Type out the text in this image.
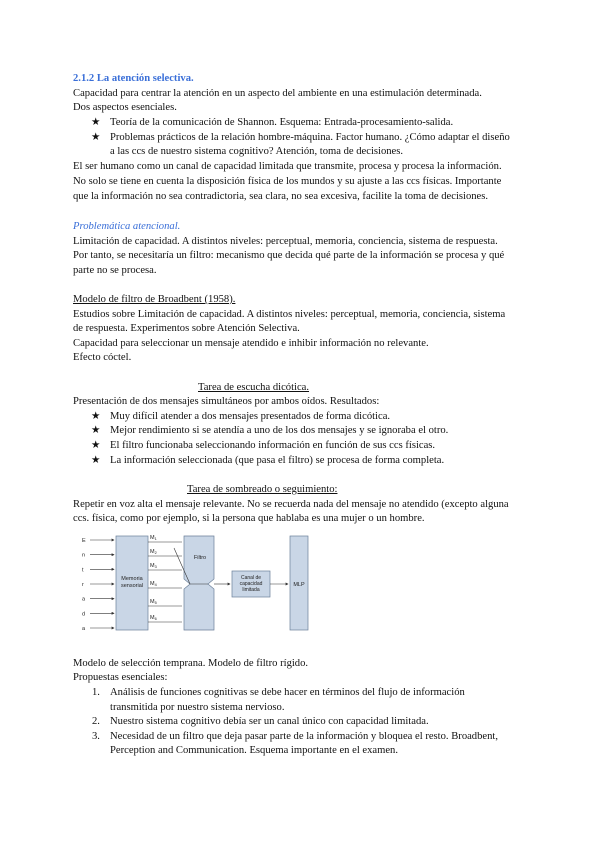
2.1.2 La atención selectiva.
Capacidad para centrar la atención en un aspecto del ambiente en una estimulación determinada.
Dos aspectos esenciales.
★ Teoría de la comunicación de Shannon. Esquema: Entrada-procesamiento-salida.
★ Problemas prácticos de la relación hombre-máquina. Factor humano. ¿Cómo adaptar el diseño
a las ccs de nuestro sistema cognitivo? Atención, toma de decisiones.
El ser humano como un canal de capacidad limitada que transmite, procesa y procesa la información.
No solo se tiene en cuenta la disposición física de los mundos y su ajuste a las ccs físicas. Importante
que la información no sea contradictoria, sea clara, no sea excesiva, facilite la toma de decisiones.
Problemática atencional.
Limitación de capacidad. A distintos niveles: perceptual, memoria, conciencia, sistema de respuesta.
Por tanto, se necesitaría un filtro: mecanismo que decida qué parte de la información se procesa y qué
parte no se procesa.
Modelo de filtro de Broadbent (1958).
Estudios sobre Limitación de capacidad. A distintos niveles: perceptual, memoria, conciencia, sistema
de respuesta. Experimentos sobre Atención Selectiva.
Capacidad para seleccionar un mensaje atendido e inhibir información no relevante.
Efecto cóctel.
Tarea de escucha dicótica.
Presentación de dos mensajes simultáneos por ambos oídos. Resultados:
★ Muy difícil atender a dos mensajes presentados de forma dicótica.
★ Mejor rendimiento si se atendía a uno de los dos mensajes y se ignoraba el otro.
★ El filtro funcionaba seleccionando información en función de sus ccs físicas.
★ La información seleccionada (que pasa el filtro) se procesa de forma completa.
Tarea de sombreado o seguimiento:
Repetir en voz alta el mensaje relevante. No se recuerda nada del mensaje no atendido (excepto alguna
ccs. física, como por ejemplo, si la persona que hablaba es una mujer o un hombre.
E
n
t
r
a
d
a
Memoria
sensorial
$M_1$
$M_2$
$M_3$
$M_4$
$M_5$
$M_6$
Filtro
Canal de
capacidad
limitada
MLP
Modelo de selección temprana. Modelo de filtro rígido.
Propuestas esenciales:
1. Análisis de funciones cognitivas se debe hacer en términos del flujo de información
transmitida por nuestro sistema nervioso.
2. Nuestro sistema cognitivo debía ser un canal único con capacidad limitada.
3. Necesidad de un filtro que deja pasar parte de la información y bloquea el resto. Broadbent,
Perception and Communication. Esquema importante en el examen.
